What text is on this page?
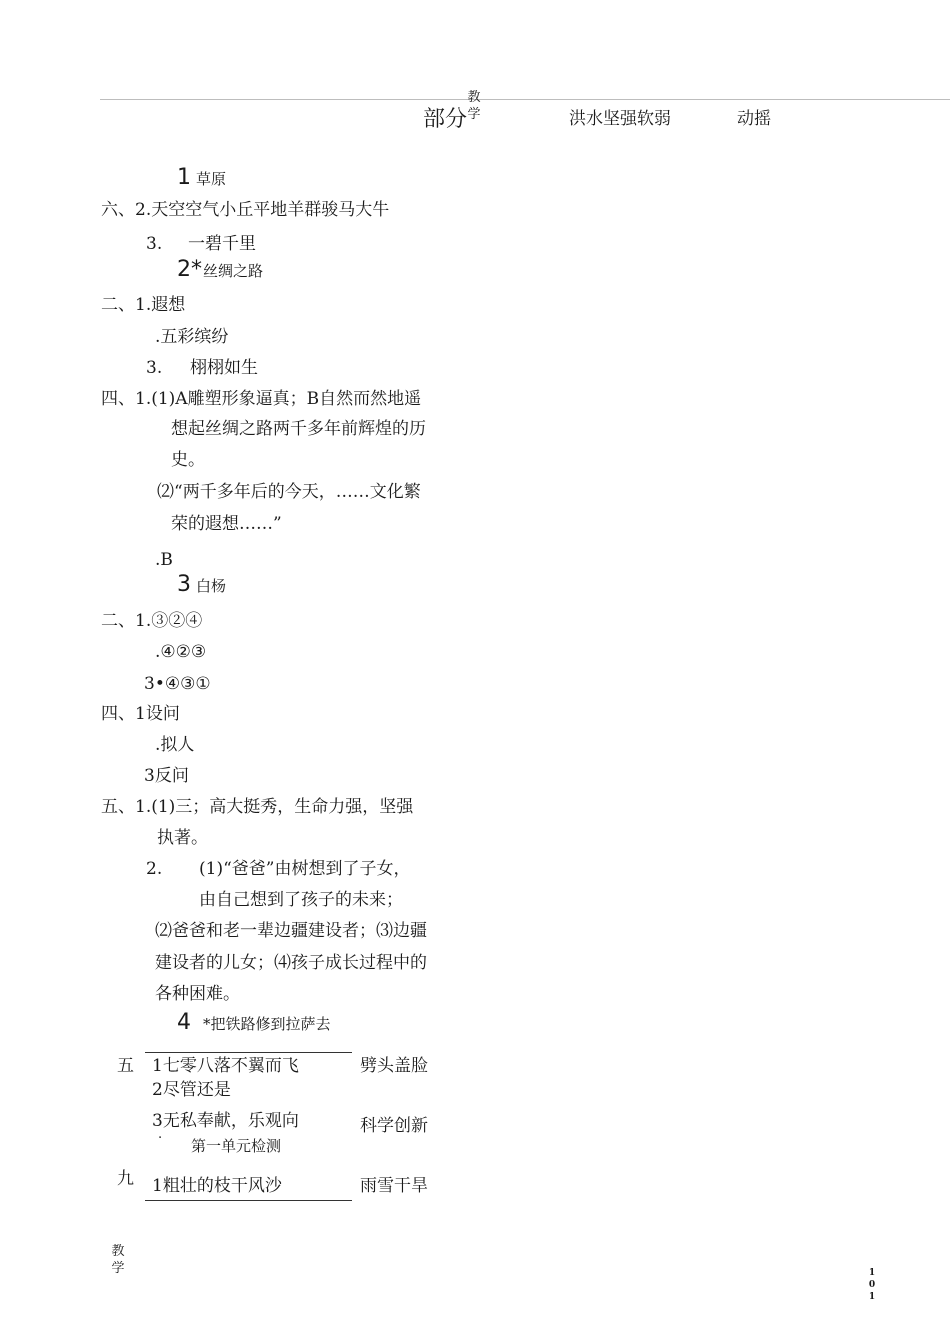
教学
部分	洪水坚强软弱	动摇
1 草原
六、2.天空空气小丘平地羊群骏马大牛
3. 一碧千里
2* 丝绸之路
二、1.遐想
.五彩缤纷
3. 栩栩如生
四、1.(1)A雕塑形象逼真；B自然而然地遥
想起丝绸之路两千多年前辉煌的历
史。
⑵“两千多年后的今天，……文化繁
荣的遐想……”
.B
3 白杨
二、1.③②④
.④②③
3•④③①
四、1设问
.拟人
3反问
五、1.(1)三；高大挺秀，生命力强，坚强
执著。
2. (1)“爸爸”由树想到了子女，
由自己想到了孩子的未来；
⑵爸爸和老一辈边疆建设者；⑶边疆
建设者的儿女；⑷孩子成长过程中的
各种困难。
4 *把铁路修到拉萨去
五 1七零八落不翼而飞	劈头盖脸
2尽管还是
3无私奉献，乐观向	科学创新
.
第一单元检测
九 1粗壮的枝干风沙	雨雪干旱
教学	101
